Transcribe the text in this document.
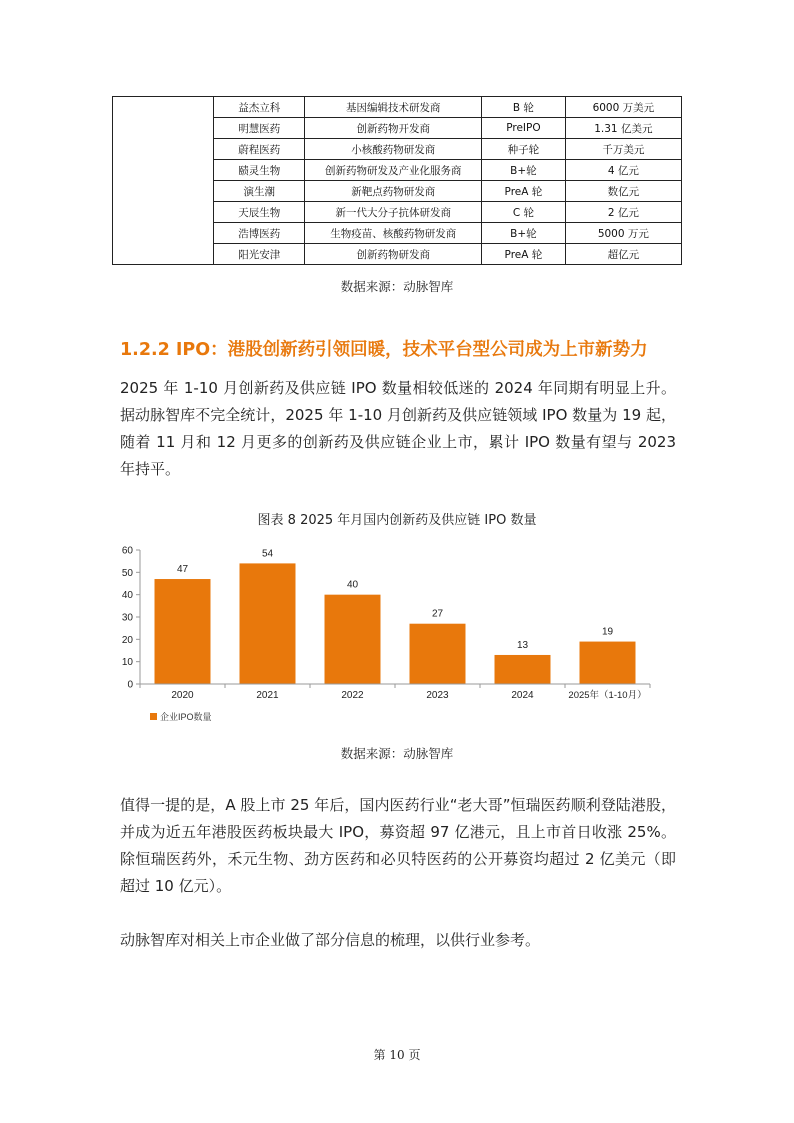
	益杰立科	基因编辑技术研发商	B 轮	6000 万美元
	明慧医药	创新药物开发商	PreIPO	1.31 亿美元
	蔚程医药	小核酸药物研发商	种子轮	千万美元
	赜灵生物	创新药物研发及产业化服务商	B+轮	4 亿元
	演生潮	新靶点药物研发商	PreA 轮	数亿元
	天辰生物	新一代大分子抗体研发商	C 轮	2 亿元
	浩博医药	生物疫苗、核酸药物研发商	B+轮	5000 万元
	阳光安津	创新药物研发商	PreA 轮	超亿元
数据来源：动脉智库
1.2.2 IPO：港股创新药引领回暖，技术平台型公司成为上市新势力

2025 年 1-10 月创新药及供应链 IPO 数量相较低迷的 2024 年同期有明显上升。据动脉智库不完全统计，2025 年 1-10 月创新药及供应链领域 IPO 数量为 19 起，随着 11 月和 12 月更多的创新药及供应链企业上市，累计 IPO 数量有望与 2023 年持平。

图表 8 2025 年月国内创新药及供应链 IPO 数量
0
10
20
30
40
50
60
47
2020
54
2021
40
2022
27
2023
13
2024
19
2025年（1-10月）
企业IPO数量
数据来源：动脉智库

值得一提的是，A 股上市 25 年后，国内医药行业“老大哥”恒瑞医药顺利登陆港股，并成为近五年港股医药板块最大 IPO，募资超 97 亿港元，且上市首日收涨 25%。除恒瑞医药外，禾元生物、劲方医药和必贝特医药的公开募资均超过 2 亿美元（即超过 10 亿元）。

动脉智库对相关上市企业做了部分信息的梳理，以供行业参考。

第 10 页
